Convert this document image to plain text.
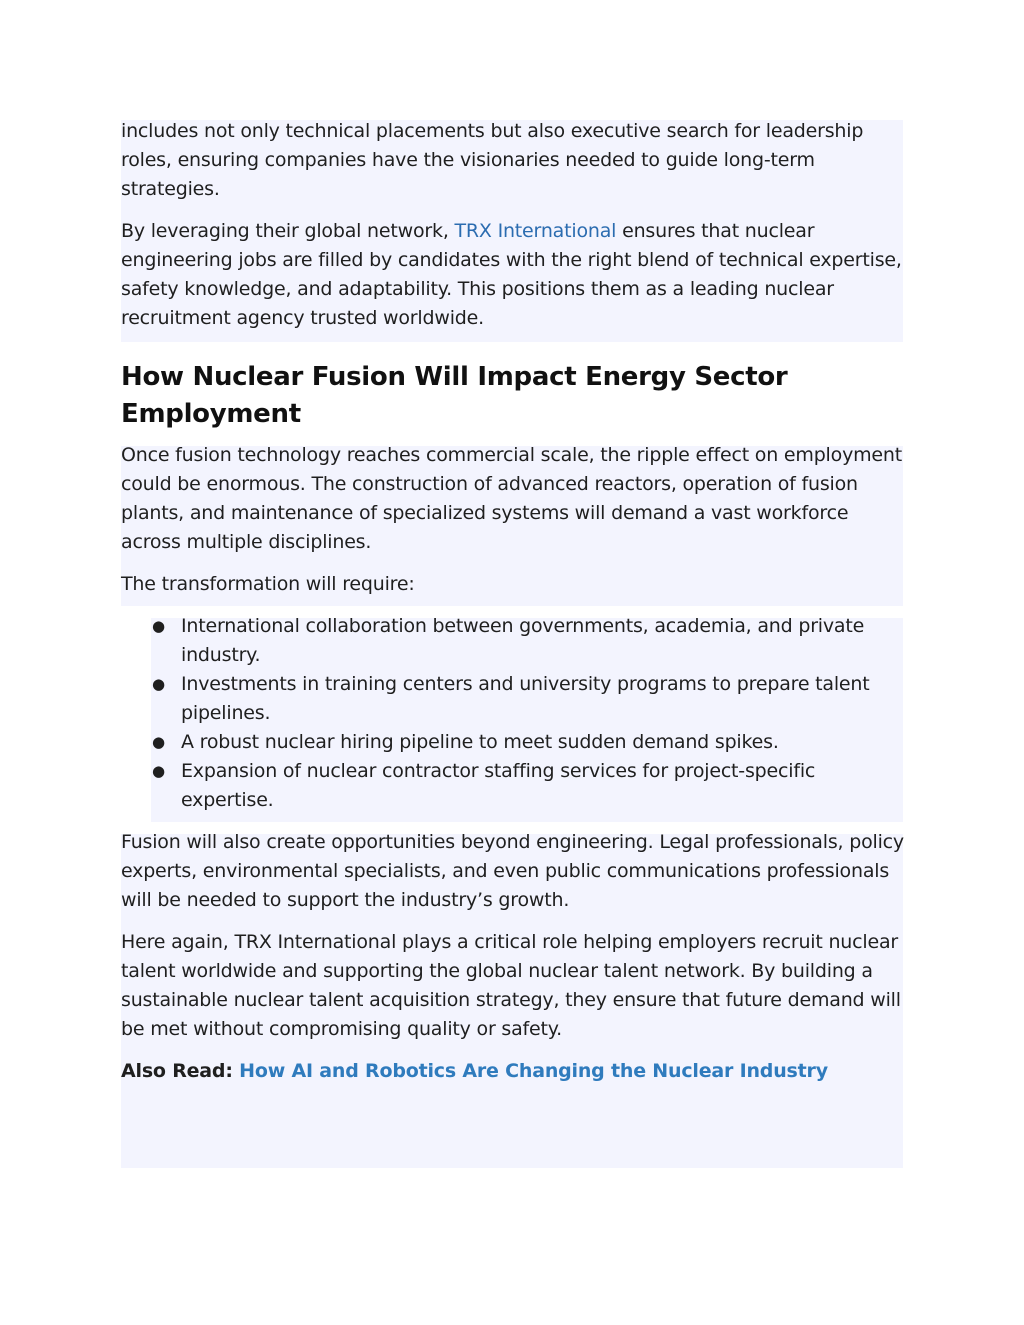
includes not only technical placements but also executive search for leadership roles, ensuring companies have the visionaries needed to guide long-term strategies.

By leveraging their global network, TRX International ensures that nuclear engineering jobs are filled by candidates with the right blend of technical expertise, safety knowledge, and adaptability. This positions them as a leading nuclear recruitment agency trusted worldwide.

How Nuclear Fusion Will Impact Energy Sector Employment

Once fusion technology reaches commercial scale, the ripple effect on employment could be enormous. The construction of advanced reactors, operation of fusion plants, and maintenance of specialized systems will demand a vast workforce across multiple disciplines.

The transformation will require:

● International collaboration between governments, academia, and private industry.
● Investments in training centers and university programs to prepare talent pipelines.
● A robust nuclear hiring pipeline to meet sudden demand spikes.
● Expansion of nuclear contractor staffing services for project-specific expertise.

Fusion will also create opportunities beyond engineering. Legal professionals, policy experts, environmental specialists, and even public communications professionals will be needed to support the industry’s growth.

Here again, TRX International plays a critical role helping employers recruit nuclear talent worldwide and supporting the global nuclear talent network. By building a sustainable nuclear talent acquisition strategy, they ensure that future demand will be met without compromising quality or safety.

Also Read: How AI and Robotics Are Changing the Nuclear Industry
